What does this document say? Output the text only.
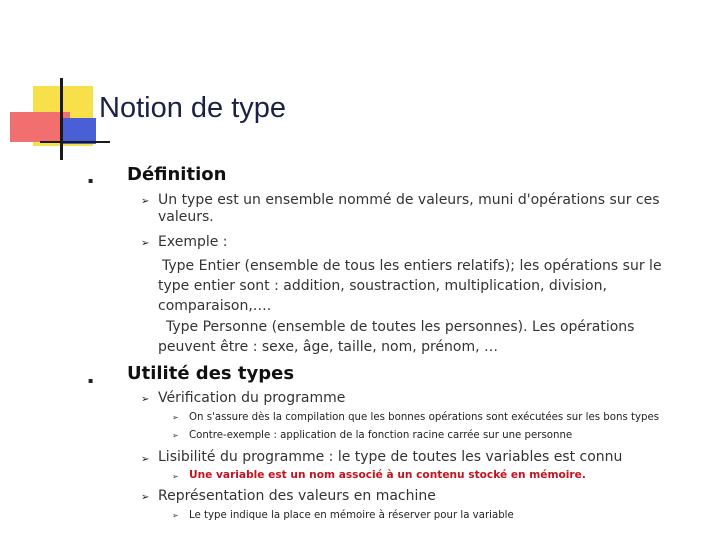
Notion de type
▪ Définition
➢ Un type est un ensemble nommé de valeurs, muni d'opérations sur ces
valeurs.
➢ Exemple :
Type Entier (ensemble de tous les entiers relatifs); les opérations sur le
type entier sont : addition, soustraction, multiplication, division,
comparaison,….
Type Personne (ensemble de toutes les personnes). Les opérations
peuvent être : sexe, âge, taille, nom, prénom, …
▪ Utilité des types
➢ Vérification du programme
➢ On s'assure dès la compilation que les bonnes opérations sont exécutées sur les bons types
➢ Contre-exemple : application de la fonction racine carrée sur une personne
➢ Lisibilité du programme : le type de toutes les variables est connu
➢ Une variable est un nom associé à un contenu stocké en mémoire.
➢ Représentation des valeurs en machine
➢ Le type indique la place en mémoire à réserver pour la variable
